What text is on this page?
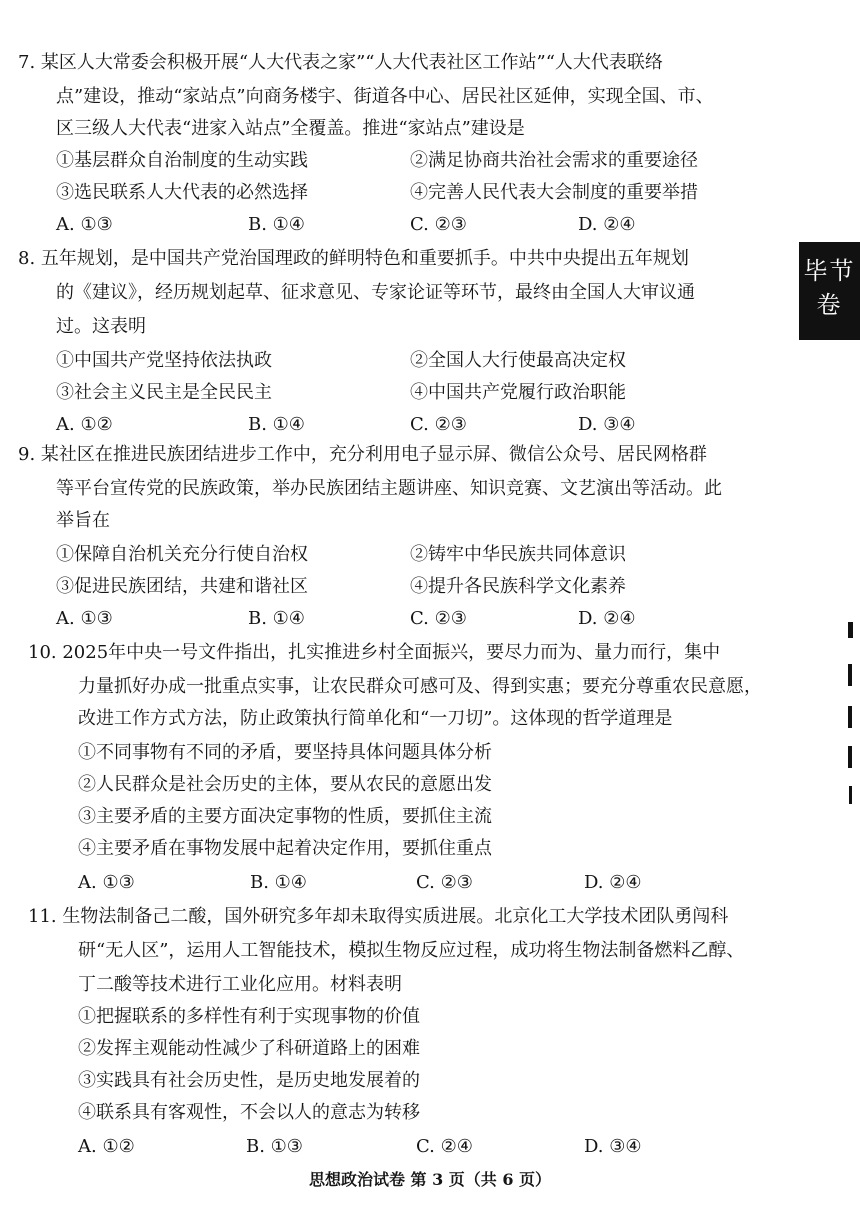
7. 某区人大常委会积极开展“人大代表之家”“人大代表社区工作站”“人大代表联络
点”建设，推动“家站点”向商务楼宇、街道各中心、居民社区延伸，实现全国、市、
区三级人大代表“进家入站点”全覆盖。推进“家站点”建设是
①基层群众自治制度的生动实践	②满足协商共治社会需求的重要途径
③选民联系人大代表的必然选择	④完善人民代表大会制度的重要举措
A. ①③	B. ①④	C. ②③	D. ②④
8. 五年规划，是中国共产党治国理政的鲜明特色和重要抓手。中共中央提出五年规划
的《建议》，经历规划起草、征求意见、专家论证等环节，最终由全国人大审议通
过。这表明
①中国共产党坚持依法执政	②全国人大行使最高决定权
③社会主义民主是全民民主	④中国共产党履行政治职能
A. ①②	B. ①④	C. ②③	D. ③④
9. 某社区在推进民族团结进步工作中，充分利用电子显示屏、微信公众号、居民网格群
等平台宣传党的民族政策，举办民族团结主题讲座、知识竞赛、文艺演出等活动。此
举旨在
①保障自治机关充分行使自治权	②铸牢中华民族共同体意识
③促进民族团结，共建和谐社区	④提升各民族科学文化素养
A. ①③	B. ①④	C. ②③	D. ②④
10. 2025年中央一号文件指出，扎实推进乡村全面振兴，要尽力而为、量力而行，集中
力量抓好办成一批重点实事，让农民群众可感可及、得到实惠；要充分尊重农民意愿，
改进工作方式方法，防止政策执行简单化和“一刀切”。这体现的哲学道理是
①不同事物有不同的矛盾，要坚持具体问题具体分析
②人民群众是社会历史的主体，要从农民的意愿出发
③主要矛盾的主要方面决定事物的性质，要抓住主流
④主要矛盾在事物发展中起着决定作用，要抓住重点
A. ①③	B. ①④	C. ②③	D. ②④
11. 生物法制备己二酸，国外研究多年却未取得实质进展。北京化工大学技术团队勇闯科
研“无人区”，运用人工智能技术，模拟生物反应过程，成功将生物法制备燃料乙醇、
丁二酸等技术进行工业化应用。材料表明
①把握联系的多样性有利于实现事物的价值
②发挥主观能动性减少了科研道路上的困难
③实践具有社会历史性，是历史地发展着的
④联系具有客观性，不会以人的意志为转移
A. ①②	B. ①③	C. ②④	D. ③④
毕节
卷
思想政治试卷 第 3 页（共 6 页）
